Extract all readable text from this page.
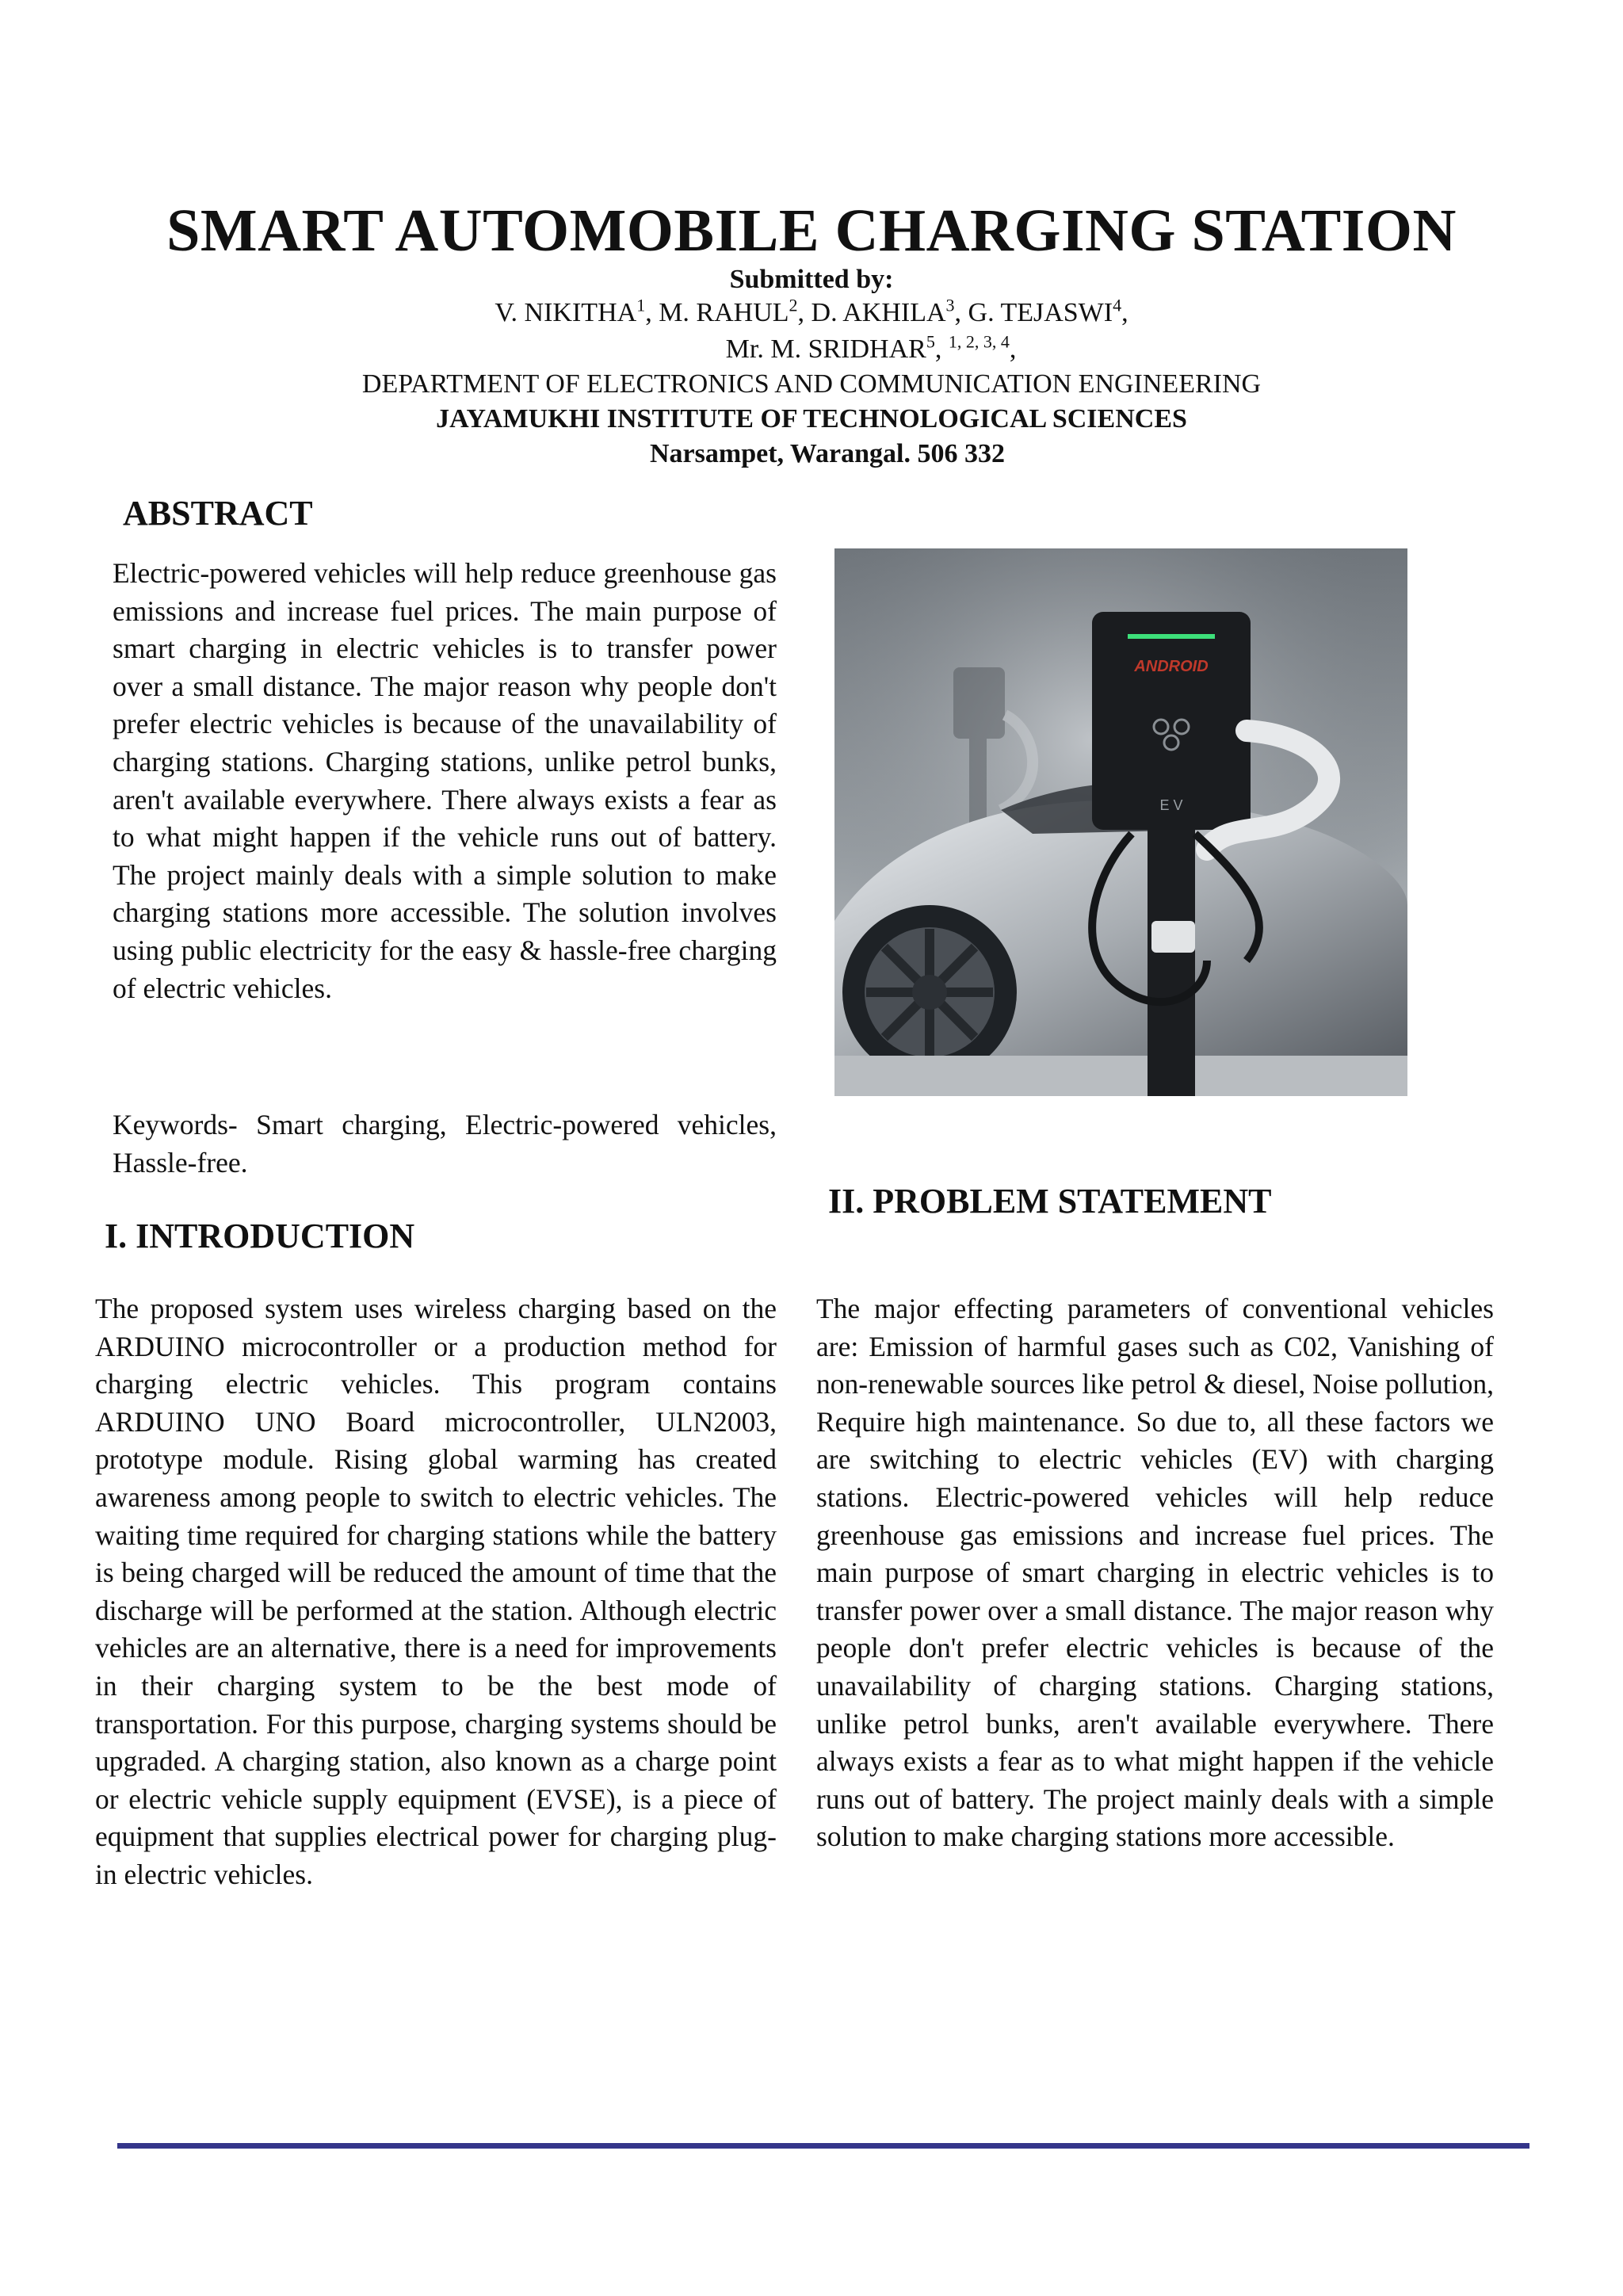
SMART AUTOMOBILE CHARGING STATION
Submitted by:
V. NIKITHA$^1$, M. RAHUL$^2$, D. AKHILA$^3$, G. TEJASWI$^4$,
Mr. M. SRIDHAR$^5$, $^{1, 2, 3, 4}$,
DEPARTMENT OF ELECTRONICS AND COMMUNICATION ENGINEERING
JAYAMUKHI INSTITUTE OF TECHNOLOGICAL SCIENCES
Narsampet, Warangal. 506 332
ABSTRACT
Electric-powered vehicles will help reduce greenhouse gas emissions and increase fuel prices. The main purpose of smart charging in electric vehicles is to transfer power over a small distance. The major reason why people don't prefer electric vehicles is because of the unavailability of charging stations. Charging stations, unlike petrol bunks, aren't available everywhere. There always exists a fear as to what might happen if the vehicle runs out of battery. The project mainly deals with a simple solution to make charging stations more accessible. The solution involves using public electricity for the easy & hassle-free charging of electric vehicles.
Keywords- Smart charging, Electric-powered vehicles, Hassle-free.
ANDROID
E V
II. PROBLEM STATEMENT
I. INTRODUCTION
The proposed system uses wireless charging based on the ARDUINO microcontroller or a production method for charging electric vehicles. This program contains ARDUINO UNO Board microcontroller, ULN2003, prototype module. Rising global warming has created awareness among people to switch to electric vehicles. The waiting time required for charging stations while the battery is being charged will be reduced the amount of time that the discharge will be performed at the station. Although electric vehicles are an alternative, there is a need for improvements in their charging system to be the best mode of transportation. For this purpose, charging systems should be upgraded. A charging station, also known as a charge point or electric vehicle supply equipment (EVSE), is a piece of equipment that supplies electrical power for charging plug-in electric vehicles.
The major effecting parameters of conventional vehicles are: Emission of harmful gases such as C02, Vanishing of non-renewable sources like petrol & diesel, Noise pollution, Require high maintenance. So due to, all these factors we are switching to electric vehicles (EV) with charging stations. Electric-powered vehicles will help reduce greenhouse gas emissions and increase fuel prices. The main purpose of smart charging in electric vehicles is to transfer power over a small distance. The major reason why people don't prefer electric vehicles is because of the unavailability of charging stations. Charging stations, unlike petrol bunks, aren't available everywhere. There always exists a fear as to what might happen if the vehicle runs out of battery. The project mainly deals with a simple solution to make charging stations more accessible.
